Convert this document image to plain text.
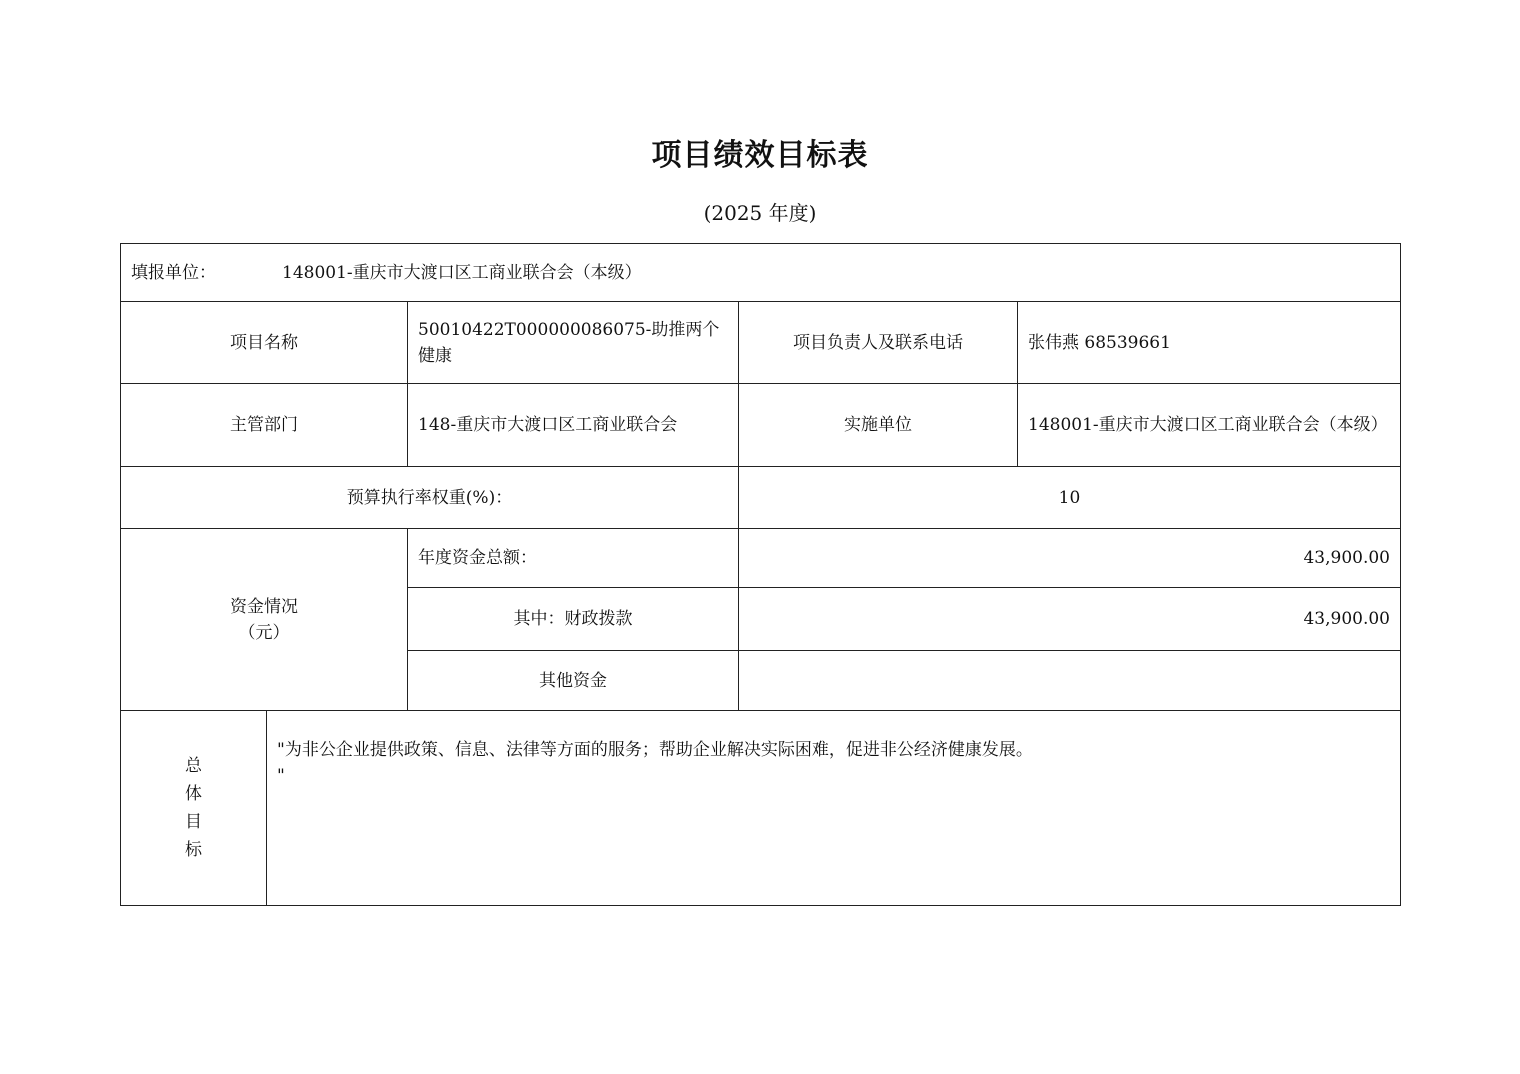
项目绩效目标表
(2025 年度)
填报单位： 148001-重庆市大渡口区工商业联合会（本级）				
项目名称		50010422T000000086075-助推两个健康	项目负责人及联系电话	张伟燕 68539661
主管部门		148-重庆市大渡口区工商业联合会	实施单位	148001-重庆市大渡口区工商业联合会（本级）
预算执行率权重(%)：			10	

资金情况
（元）		年度资金总额：	43,900.00	
		其中：财政拨款	43,900.00	
		其他资金		

总
体
目
标	"为非公企业提供政策、信息、法律等方面的服务；帮助企业解决实际困难，促进非公经济健康发展。
"			
